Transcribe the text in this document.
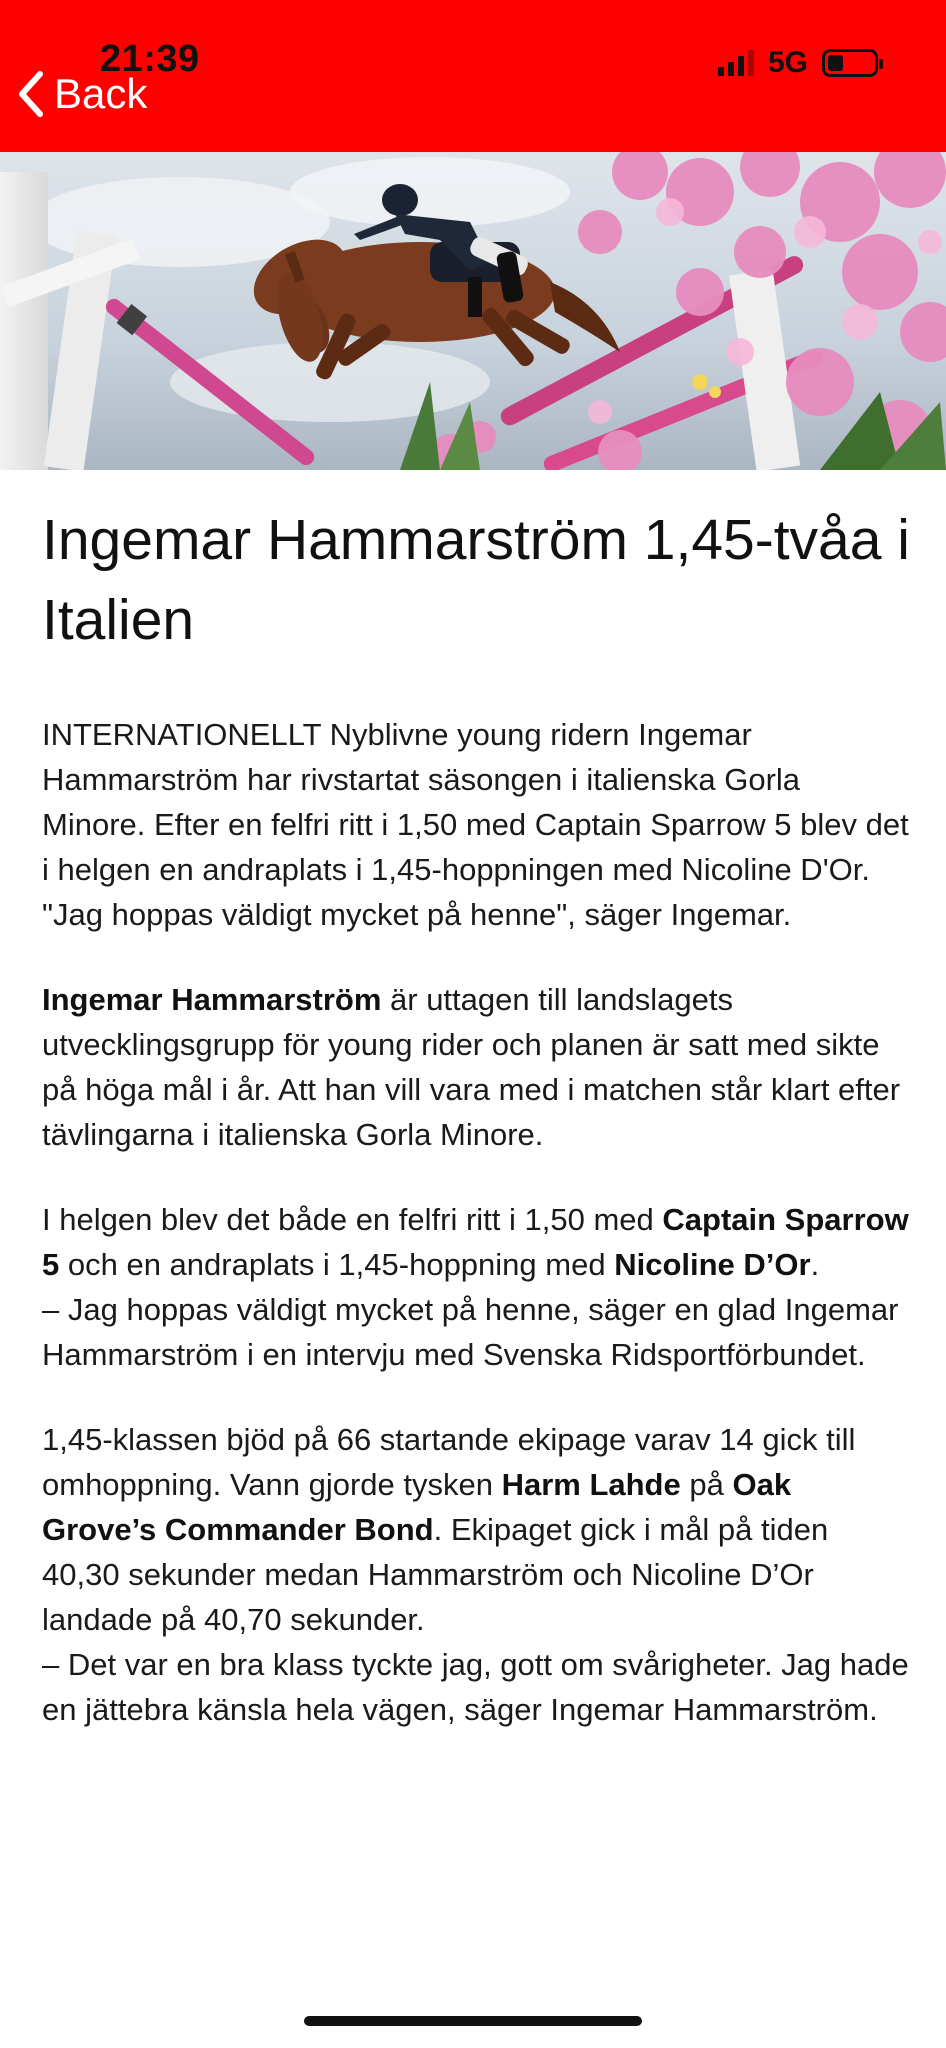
21:39	5G
Back
Ingemar Hammarström 1,45-tvåa i Italien

INTERNATIONELLT Nyblivne young ridern Ingemar Hammarström har rivstartat säsongen i italienska Gorla Minore. Efter en felfri ritt i 1,50 med Captain Sparrow 5 blev det i helgen en andraplats i 1,45-hoppningen med Nicoline D'Or. "Jag hoppas väldigt mycket på henne", säger Ingemar.

Ingemar Hammarström är uttagen till landslagets utvecklingsgrupp för young rider och planen är satt med sikte på höga mål i år. Att han vill vara med i matchen står klart efter tävlingarna i italienska Gorla Minore.

I helgen blev det både en felfri ritt i 1,50 med Captain Sparrow 5 och en andraplats i 1,45-hoppning med Nicoline D’Or.
– Jag hoppas väldigt mycket på henne, säger en glad Ingemar Hammarström i en intervju med Svenska Ridsportförbundet.

1,45-klassen bjöd på 66 startande ekipage varav 14 gick till omhoppning. Vann gjorde tysken Harm Lahde på Oak Grove’s Commander Bond. Ekipaget gick i mål på tiden 40,30 sekunder medan Hammarström och Nicoline D’Or landade på 40,70 sekunder.
– Det var en bra klass tyckte jag, gott om svårigheter. Jag hade en jättebra känsla hela vägen, säger Ingemar Hammarström.
